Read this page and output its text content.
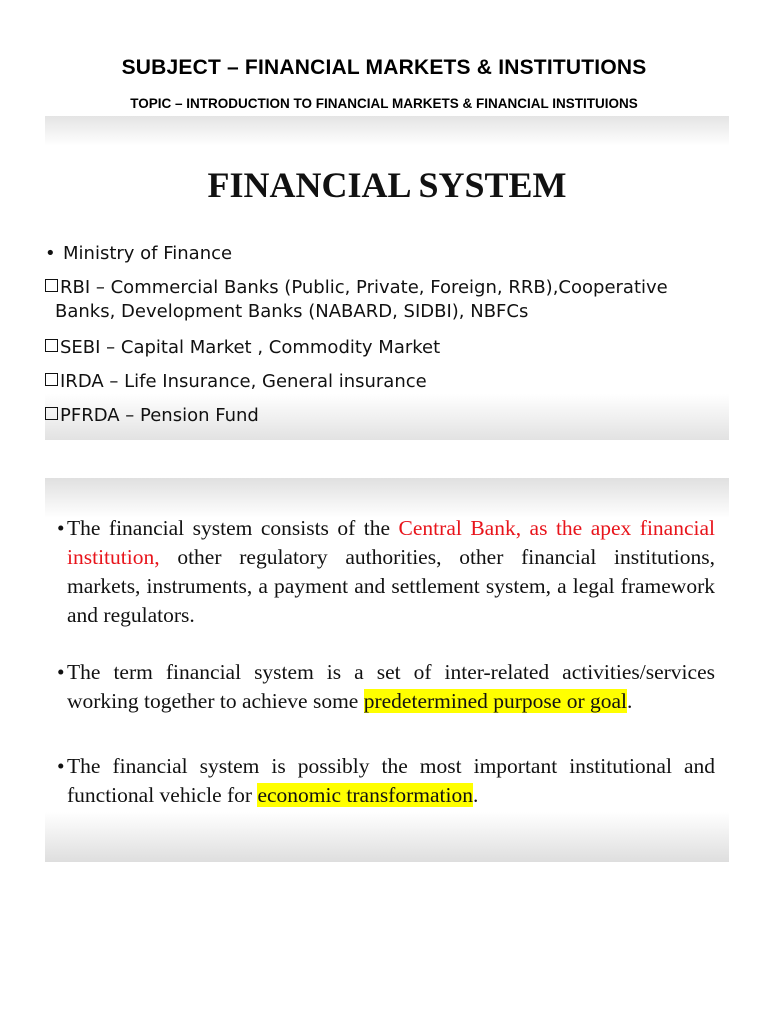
SUBJECT – FINANCIAL MARKETS & INSTITUTIONS
TOPIC – INTRODUCTION TO FINANCIAL MARKETS & FINANCIAL INSTITUIONS
FINANCIAL SYSTEM
• Ministry of Finance
RBI – Commercial Banks (Public, Private, Foreign, RRB),Cooperative
Banks, Development Banks (NABARD, SIDBI), NBFCs
SEBI – Capital Market , Commodity Market
IRDA – Life Insurance, General insurance
PFRDA – Pension Fund
• The financial system consists of the Central Bank, as the apex financial institution, other regulatory authorities, other financial institutions, markets, instruments, a payment and settlement system, a legal framework and regulators.
• The term financial system is a set of inter-related activities/services working together to achieve some predetermined purpose or goal.
• The financial system is possibly the most important institutional and functional vehicle for economic transformation.
